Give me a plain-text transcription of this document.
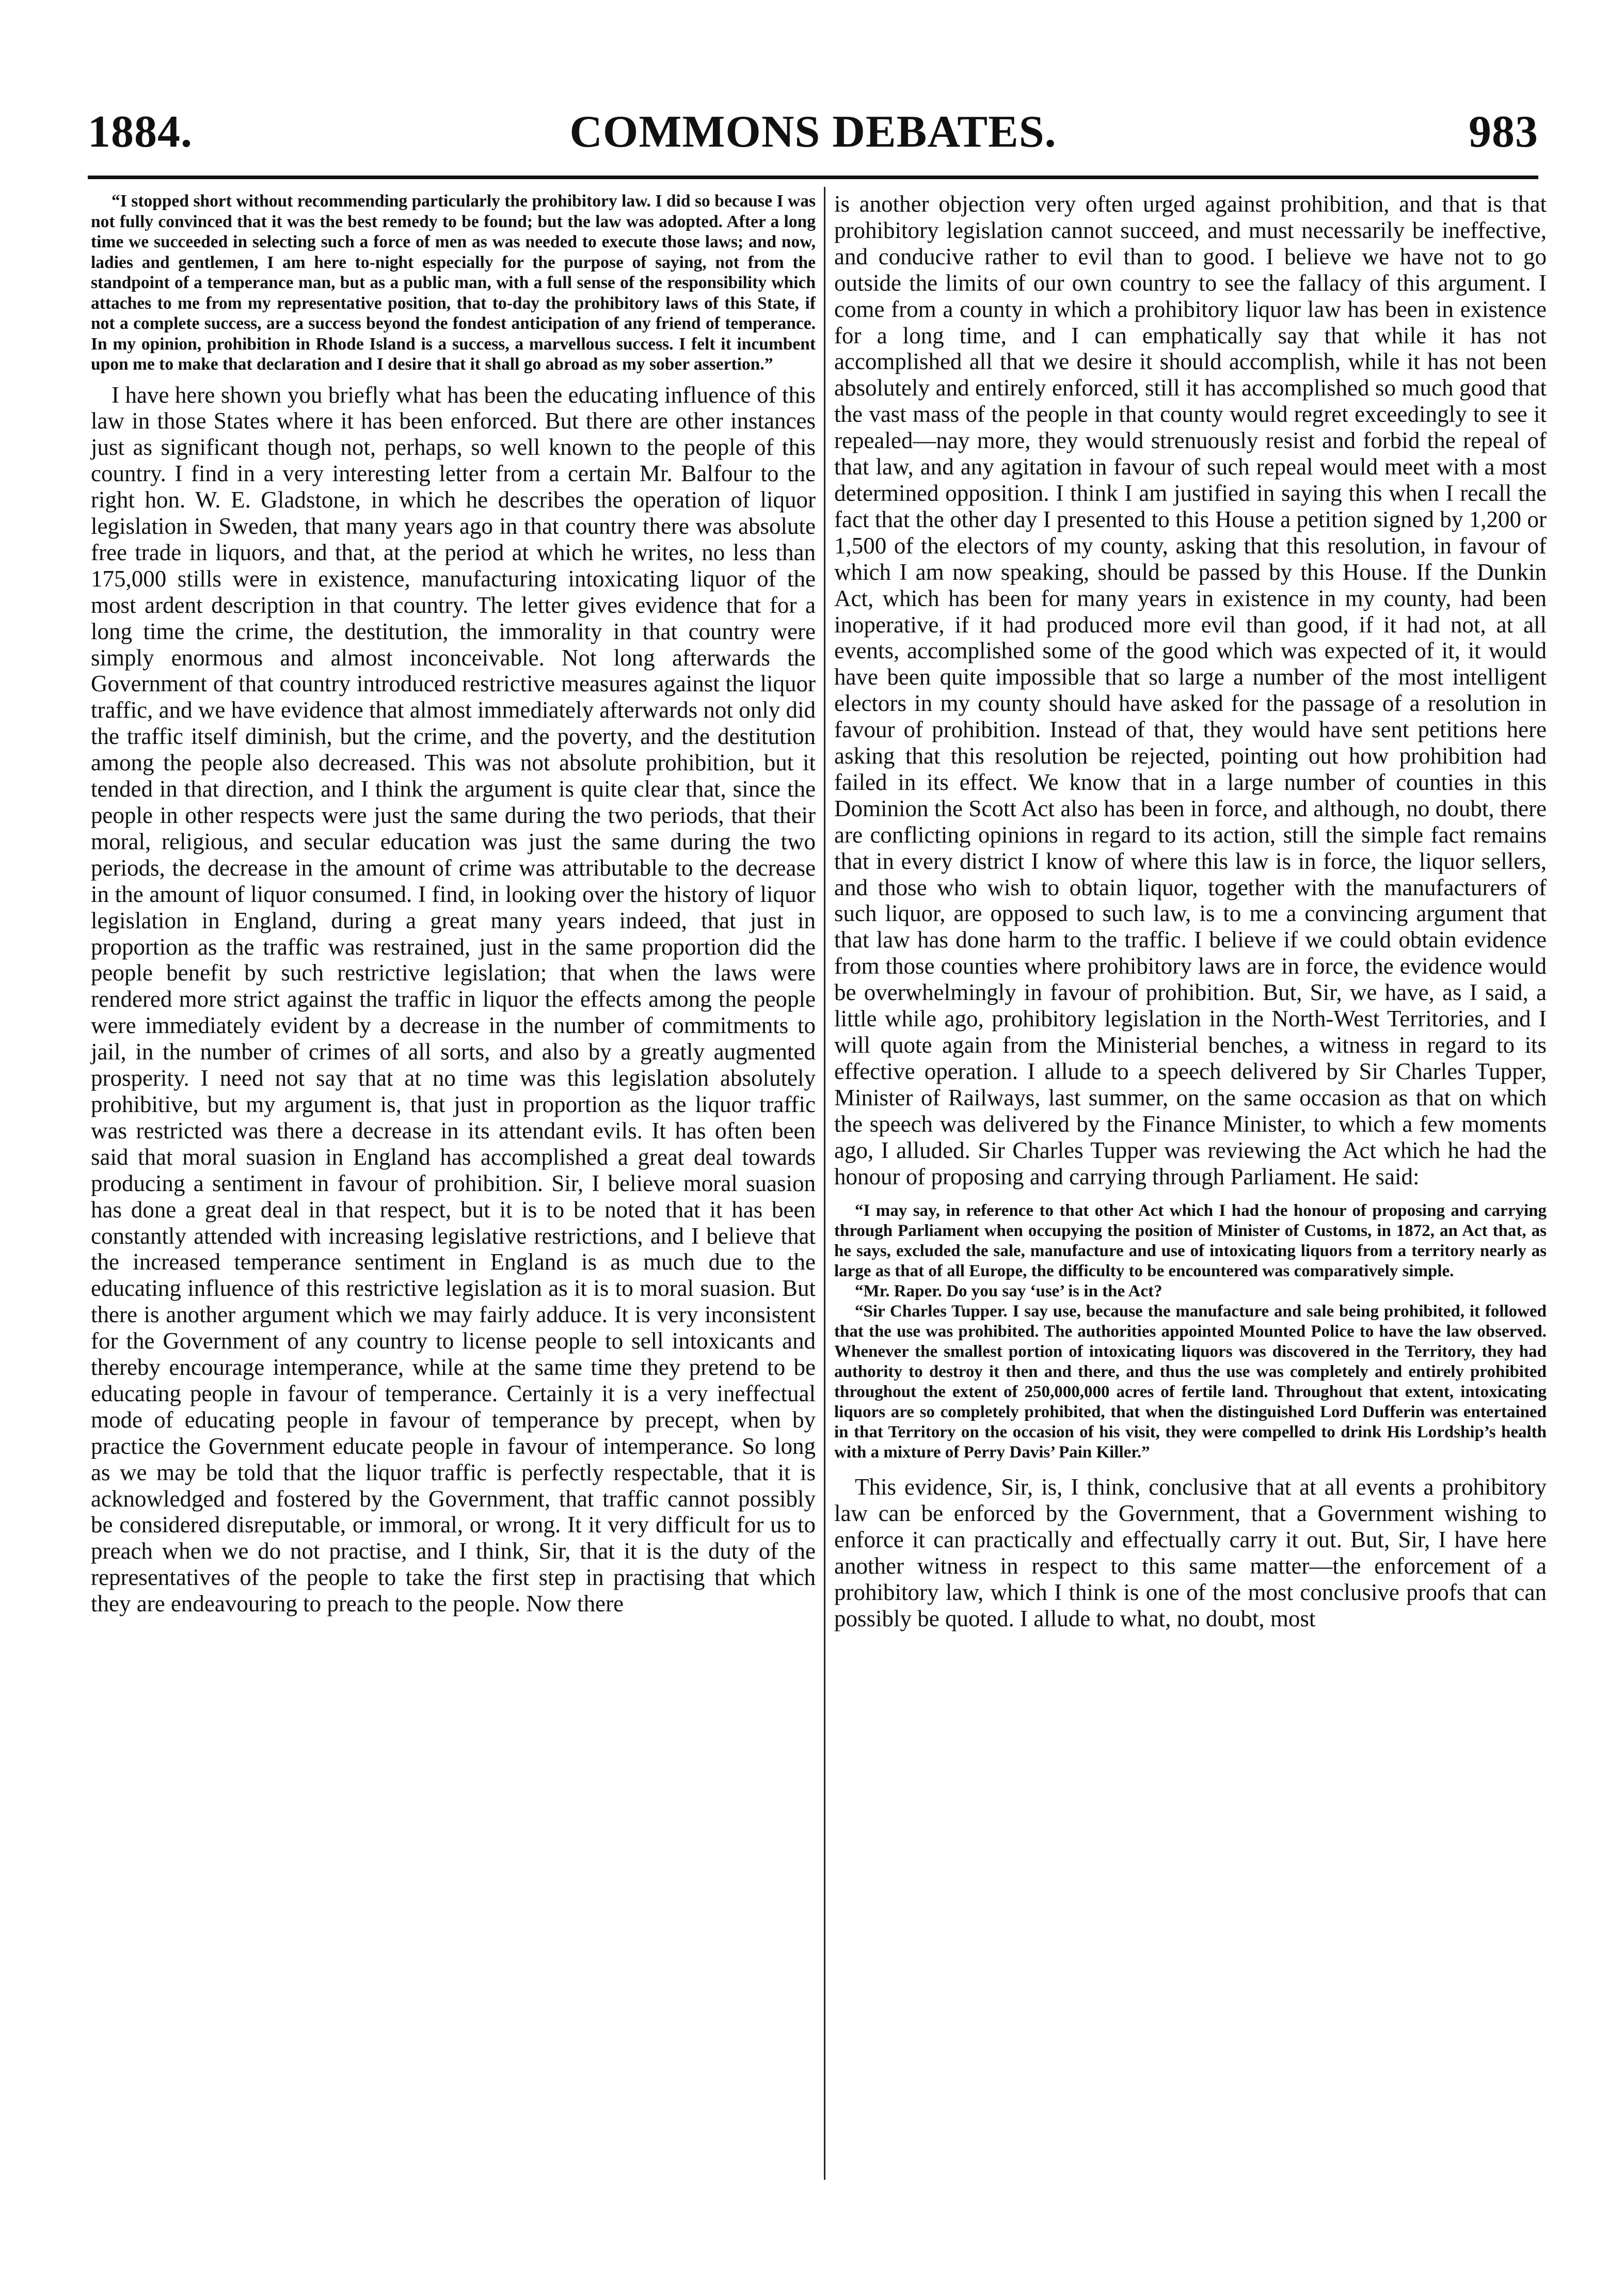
1884.	COMMONS DEBATES.	983

“I stopped short without recommending particularly the prohibitory law. I did so because I was not fully convinced that it was the best remedy to be found; but the law was adopted. After a long time we succeeded in selecting such a force of men as was needed to execute those laws; and now, ladies and gentlemen, I am here to-night especially for the purpose of saying, not from the standpoint of a temperance man, but as a public man, with a full sense of the responsibility which attaches to me from my representative position, that to-day the prohibitory laws of this State, if not a complete success, are a success beyond the fondest anticipation of any friend of temperance. In my opinion, prohibition in Rhode Island is a success, a marvellous success. I felt it incumbent upon me to make that declaration and I desire that it shall go abroad as my sober assertion.”

I have here shown you briefly what has been the educating influence of this law in those States where it has been enforced. But there are other instances just as significant though not, perhaps, so well known to the people of this country. I find in a very interesting letter from a certain Mr. Balfour to the right hon. W. E. Gladstone, in which he describes the operation of liquor legislation in Sweden, that many years ago in that country there was absolute free trade in liquors, and that, at the period at which he writes, no less than 175,000 stills were in existence, manufacturing intoxicating liquor of the most ardent description in that country. The letter gives evidence that for a long time the crime, the destitution, the immorality in that country were simply enormous and almost inconceivable. Not long afterwards the Government of that country introduced restrictive measures against the liquor traffic, and we have evidence that almost immediately afterwards not only did the traffic itself diminish, but the crime, and the poverty, and the destitution among the people also decreased. This was not absolute prohibition, but it tended in that direction, and I think the argument is quite clear that, since the people in other respects were just the same during the two periods, that their moral, religious, and secular education was just the same during the two periods, the decrease in the amount of crime was attributable to the decrease in the amount of liquor consumed. I find, in looking over the history of liquor legislation in England, during a great many years indeed, that just in proportion as the traffic was restrained, just in the same proportion did the people benefit by such restrictive legislation; that when the laws were rendered more strict against the traffic in liquor the effects among the people were immediately evident by a decrease in the number of commitments to jail, in the number of crimes of all sorts, and also by a greatly augmented prosperity. I need not say that at no time was this legislation absolutely prohibitive, but my argument is, that just in proportion as the liquor traffic was restricted was there a decrease in its attendant evils. It has often been said that moral suasion in England has accomplished a great deal towards producing a sentiment in favour of prohibition. Sir, I believe moral suasion has done a great deal in that respect, but it is to be noted that it has been constantly attended with increasing legislative restrictions, and I believe that the increased temperance sentiment in England is as much due to the educating influence of this restrictive legislation as it is to moral suasion. But there is another argument which we may fairly adduce. It is very inconsistent for the Government of any country to license people to sell intoxicants and thereby encourage intemperance, while at the same time they pretend to be educating people in favour of temperance. Certainly it is a very ineffectual mode of educating people in favour of temperance by precept, when by practice the Government educate people in favour of intemperance. So long as we may be told that the liquor traffic is perfectly respectable, that it is acknowledged and fostered by the Government, that traffic cannot possibly be considered disreputable, or immoral, or wrong. It it very difficult for us to preach when we do not practise, and I think, Sir, that it is the duty of the representatives of the people to take the first step in practising that which they are endeavouring to preach to the people. Now there

is another objection very often urged against prohibition, and that is that prohibitory legislation cannot succeed, and must necessarily be ineffective, and conducive rather to evil than to good. I believe we have not to go outside the limits of our own country to see the fallacy of this argument. I come from a county in which a prohibitory liquor law has been in existence for a long time, and I can emphatically say that while it has not accomplished all that we desire it should accomplish, while it has not been absolutely and entirely enforced, still it has accomplished so much good that the vast mass of the people in that county would regret exceedingly to see it repealed—nay more, they would strenuously resist and forbid the repeal of that law, and any agitation in favour of such repeal would meet with a most determined opposition. I think I am justified in saying this when I recall the fact that the other day I presented to this House a petition signed by 1,200 or 1,500 of the electors of my county, asking that this resolution, in favour of which I am now speaking, should be passed by this House. If the Dunkin Act, which has been for many years in existence in my county, had been inoperative, if it had produced more evil than good, if it had not, at all events, accomplished some of the good which was expected of it, it would have been quite impossible that so large a number of the most intelligent electors in my county should have asked for the passage of a resolution in favour of prohibition. Instead of that, they would have sent petitions here asking that this resolution be rejected, pointing out how prohibition had failed in its effect. We know that in a large number of counties in this Dominion the Scott Act also has been in force, and although, no doubt, there are conflicting opinions in regard to its action, still the simple fact remains that in every district I know of where this law is in force, the liquor sellers, and those who wish to obtain liquor, together with the manufacturers of such liquor, are opposed to such law, is to me a convincing argument that that law has done harm to the traffic. I believe if we could obtain evidence from those counties where prohibitory laws are in force, the evidence would be overwhelmingly in favour of prohibition. But, Sir, we have, as I said, a little while ago, prohibitory legislation in the North-West Territories, and I will quote again from the Ministerial benches, a witness in regard to its effective operation. I allude to a speech delivered by Sir Charles Tupper, Minister of Railways, last summer, on the same occasion as that on which the speech was delivered by the Finance Minister, to which a few moments ago, I alluded. Sir Charles Tupper was reviewing the Act which he had the honour of proposing and carrying through Parliament. He said:

“I may say, in reference to that other Act which I had the honour of proposing and carrying through Parliament when occupying the position of Minister of Customs, in 1872, an Act that, as he says, excluded the sale, manufacture and use of intoxicating liquors from a territory nearly as large as that of all Europe, the difficulty to be encountered was comparatively simple.

“Mr. Raper. Do you say ‘use’ is in the Act?

“Sir Charles Tupper. I say use, because the manufacture and sale being prohibited, it followed that the use was prohibited. The authorities appointed Mounted Police to have the law observed. Whenever the smallest portion of intoxicating liquors was discovered in the Territory, they had authority to destroy it then and there, and thus the use was completely and entirely prohibited throughout the extent of 250,000,000 acres of fertile land. Throughout that extent, intoxicating liquors are so completely prohibited, that when the distinguished Lord Dufferin was entertained in that Territory on the occasion of his visit, they were compelled to drink His Lordship’s health with a mixture of Perry Davis’ Pain Killer.”

This evidence, Sir, is, I think, conclusive that at all events a prohibitory law can be enforced by the Government, that a Government wishing to enforce it can practically and effectually carry it out. But, Sir, I have here another witness in respect to this same matter—the enforcement of a prohibitory law, which I think is one of the most conclusive proofs that can possibly be quoted. I allude to what, no doubt, most
